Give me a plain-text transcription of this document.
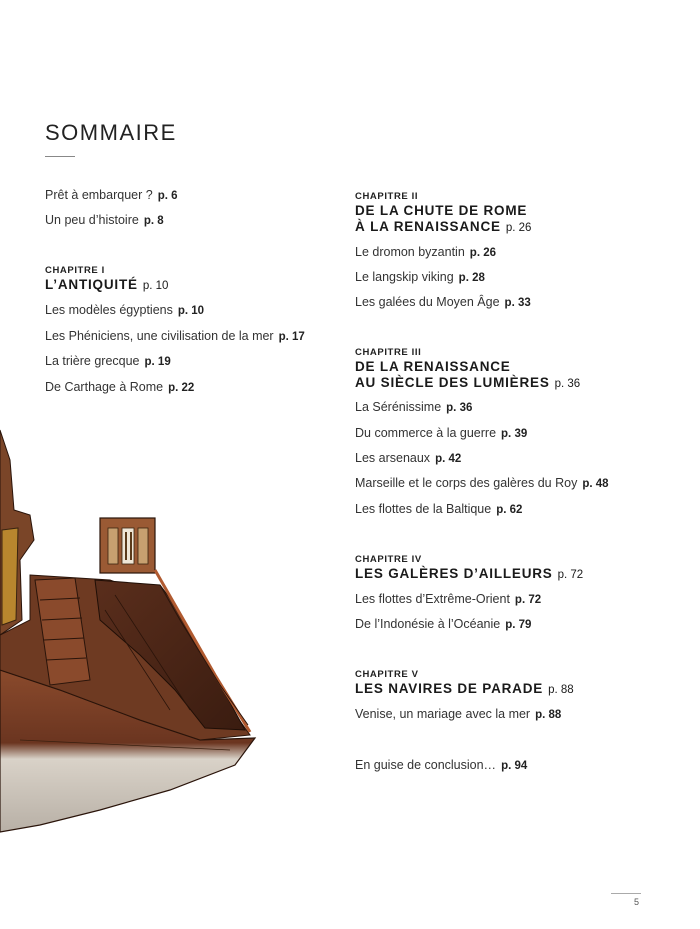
SOMMAIRE
Prêt à embarquer ? p. 6
Un peu d’histoire p. 8
CHAPITRE I
L’ANTIQUITÉ p. 10
Les modèles égyptiens p. 10
Les Phéniciens, une civilisation de la mer p. 17
La trière grecque p. 19
De Carthage à Rome p. 22
CHAPITRE II
DE LA CHUTE DE ROME
À LA RENAISSANCE p. 26
Le dromon byzantin p. 26
Le langskip viking p. 28
Les galées du Moyen Âge p. 33
CHAPITRE III
DE LA RENAISSANCE
AU SIÈCLE DES LUMIÈRES p. 36
La Sérénissime p. 36
Du commerce à la guerre p. 39
Les arsenaux p. 42
Marseille et le corps des galères du Roy p. 48
Les flottes de la Baltique p. 62
CHAPITRE IV
LES GALÈRES D’AILLEURS p. 72
Les flottes d’Extrême-Orient p. 72
De l’Indonésie à l’Océanie p. 79
CHAPITRE V
LES NAVIRES DE PARADE p. 88
Venise, un mariage avec la mer p. 88
En guise de conclusion… p. 94
5
